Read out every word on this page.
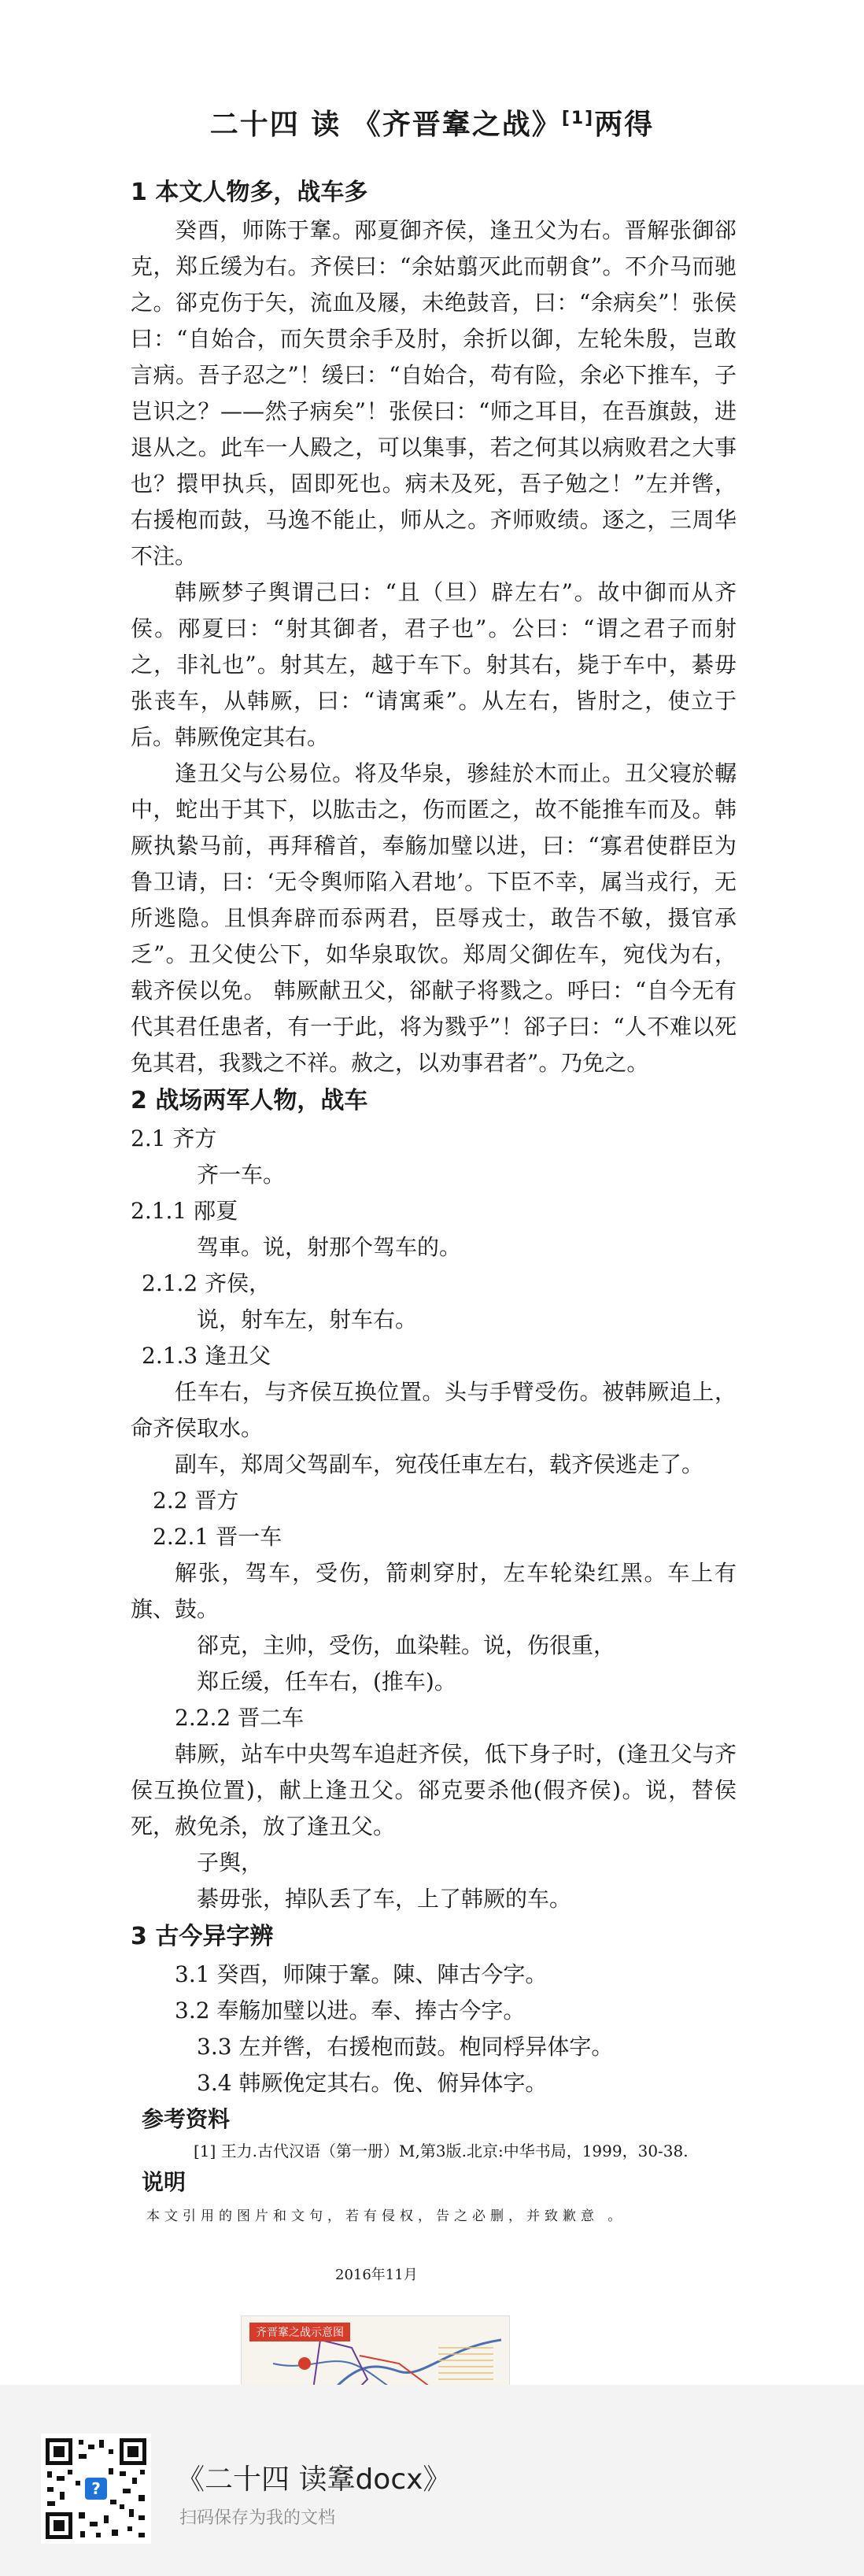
二十四 读 《齐晋鞌之战》[1]两得

1 本文人物多，战车多

癸酉，师陈于鞌。邴夏御齐侯，逢丑父为右。晋解张御郤克，郑丘缓为右。齐侯曰：“余姑翦灭此而朝食”。不介马而驰之。郤克伤于矢，流血及屦，未绝鼓音，曰：“余病矣”！张侯曰：“自始合，而矢贯余手及肘，余折以御，左轮朱殷，岂敢言病。吾子忍之”！缓曰：“自始合，苟有险，余必下推车，子岂识之？——然子病矣”！张侯曰：“师之耳目，在吾旗鼓，进退从之。此车一人殿之，可以集事，若之何其以病败君之大事也？擐甲执兵，固即死也。病未及死，吾子勉之！”左并辔，右援枹而鼓，马逸不能止，师从之。齐师败绩。逐之，三周华不注。

韩厥梦子舆谓己曰：“且（旦）辟左右”。故中御而从齐侯。邴夏曰：“射其御者，君子也”。公曰：“谓之君子而射之，非礼也”。射其左，越于车下。射其右，毙于车中，綦毋张丧车，从韩厥，曰：“请寓乘”。从左右，皆肘之，使立于后。韩厥俛定其右。

逢丑父与公易位。将及华泉，骖絓於木而止。丑父寝於轏中，蛇出于其下，以肱击之，伤而匿之，故不能推车而及。韩厥执絷马前，再拜稽首，奉觞加璧以进，曰：“寡君使群臣为鲁卫请，曰：‘无令舆师陷入君地’。下臣不幸，属当戎行，无所逃隐。且惧奔辟而忝两君，臣辱戎士，敢告不敏，摄官承乏”。丑父使公下，如华泉取饮。郑周父御佐车，宛伐为右，载齐侯以免。 韩厥献丑父，郤献子将戮之。呼曰：“自今无有代其君任患者，有一于此，将为戮乎”！郤子曰：“人不难以死免其君，我戮之不祥。赦之，以劝事君者”。乃免之。

2 战场两军人物，战车

2.1 齐方

齐一车。

2.1.1 邴夏

驾車。说，射那个驾车的。

2.1.2 齐侯，

说，射车左，射车右。

2.1.3 逢丑父

任车右，与齐侯互换位置。头与手臂受伤。被韩厥追上，命齐侯取水。

副车，郑周父驾副车，宛茷任車左右，载齐侯逃走了。

2.2 晋方

2.2.1 晋一车

解张，驾车，受伤，箭刺穿肘，左车轮染红黑。车上有旗、鼓。

郤克，主帅，受伤，血染鞋。说，伤很重，

郑丘缓，任车右，(推车)。

2.2.2 晋二车

韩厥，站车中央驾车追赶齐侯，低下身子时，(逢丑父与齐侯互换位置)，献上逢丑父。郤克要杀他(假齐侯)。说，替侯死，赦免杀，放了逢丑父。

子舆，

綦毋张，掉队丢了车，上了韩厥的车。

3 古今异字辨

3.1 癸酉，师陳于鞌。陳、陣古今字。

3.2 奉觞加璧以进。奉、捧古今字。

3.3 左并辔，右援枹而鼓。枹同桴异体字。

3.4 韩厥俛定其右。俛、俯异体字。

参考资料

[1] 王力.古代汉语（第一册）M,第3版.北京:中华书局，1999，30-38.

说明

本文引用的图片和文句，若有侵权，告之必删，并致歉意 。

2016年11月
齐晋鞌之战示意图
?	《二十四 读鞌docx》
扫码保存为我的文档
